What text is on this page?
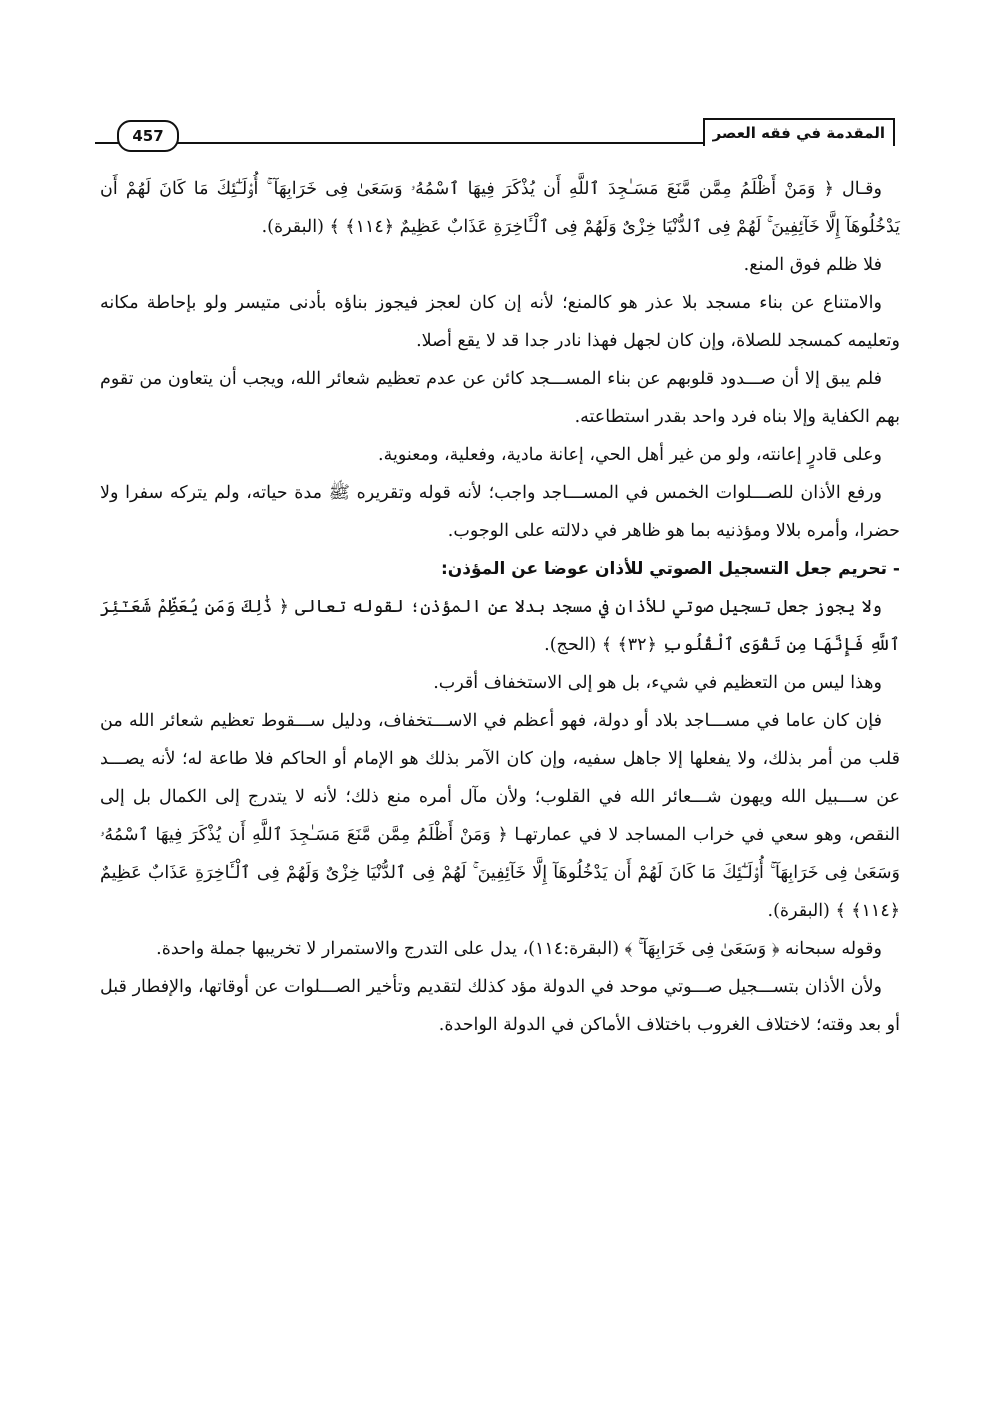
المقدمة في فقه العصر
457

وقـال ﴿ وَمَنْ أَظْلَمُ مِمَّن مَّنَعَ مَسَـٰجِدَ ٱللَّهِ أَن يُذْكَرَ فِيهَا ٱسْمُهُۥ وَسَعَىٰ فِى خَرَابِهَآ ۚ أُو۟لَـٰٓئِكَ مَا كَانَ لَهُمْ أَن يَدْخُلُوهَآ إِلَّا خَآئِفِينَ ۚ لَهُمْ فِى ٱلدُّنْيَا خِزْىٌ وَلَهُمْ فِى ٱلْـَٔاخِرَةِ عَذَابٌ عَظِيمٌ ﴿١١٤﴾ ﴾ (البقرة).

فلا ظلم فوق المنع.

والامتناع عن بناء مسجد بلا عذر هو كالمنع؛ لأنه إن كان لعجز فيجوز بناؤه بأدنى متيسر ولو بإحاطة مكانه وتعليمه كمسجد للصلاة، وإن كان لجهل فهذا نادر جدا قد لا يقع أصلا.

فلم يبق إلا أن صـــدود قلوبهم عن بناء المســـجد كائن عن عدم تعظيم شعائر الله، ويجب أن يتعاون من تقوم بهم الكفاية وإلا بناه فرد واحد بقدر استطاعته.

وعلى قادرٍ إعانته، ولو من غير أهل الحي، إعانة مادية، وفعلية، ومعنوية.

ورفع الأذان للصـــلوات الخمس في المســـاجد واجب؛ لأنه قوله وتقريره ﷺ مدة حياته، ولم يتركه سفرا ولا حضرا، وأمره بلالا ومؤذنيه بما هو ظاهر في دلالته على الوجوب.

- تحريم جعل التسجيل الصوتي للأذان عوضا عن المؤذن:

ولا يجوز جعل تسجيل صوتي للأذان في مسجد بدلا عن المؤذن؛ لقوله تعالى ﴿ ذَٰلِكَ وَمَن يُعَظِّمْ شَعَـٰٓئِرَ ٱللَّهِ فَإِنَّهَا مِن تَقْوَى ٱلْقُلُوبِ ﴿٣٢﴾ ﴾ (الحج).

وهذا ليس من التعظيم في شيء، بل هو إلى الاستخفاف أقرب.

فإن كان عاما في مســـاجد بلاد أو دولة، فهو أعظم في الاســـتخفاف، ودليل ســـقوط تعظيم شعائر الله من قلب من أمر بذلك، ولا يفعلها إلا جاهل سفيه، وإن كان الآمر بذلك هو الإمام أو الحاكم فلا طاعة له؛ لأنه يصـــد عن ســـبيل الله ويهون شـــعائر الله في القلوب؛ ولأن مآل أمره منع ذلك؛ لأنه لا يتدرج إلى الكمال بل إلى النقص، وهو سعي في خراب المساجد لا في عمارتهـا ﴿ وَمَنْ أَظْلَمُ مِمَّن مَّنَعَ مَسَـٰجِدَ ٱللَّهِ أَن يُذْكَرَ فِيهَا ٱسْمُهُۥ وَسَعَىٰ فِى خَرَابِهَآ ۚ أُو۟لَـٰٓئِكَ مَا كَانَ لَهُمْ أَن يَدْخُلُوهَآ إِلَّا خَآئِفِينَ ۚ لَهُمْ فِى ٱلدُّنْيَا خِزْىٌ وَلَهُمْ فِى ٱلْـَٔاخِرَةِ عَذَابٌ عَظِيمٌ ﴿١١٤﴾ ﴾ (البقرة).

وقوله سبحانه ﴿ وَسَعَىٰ فِى خَرَابِهَآ ۚ ﴾ (البقرة:١١٤)، يدل على التدرج والاستمرار لا تخريبها جملة واحدة.

ولأن الأذان بتســـجيل صـــوتي موحد في الدولة مؤد كذلك لتقديم وتأخير الصـــلوات عن أوقاتها، والإفطار قبل أو بعد وقته؛ لاختلاف الغروب باختلاف الأماكن في الدولة الواحدة.
